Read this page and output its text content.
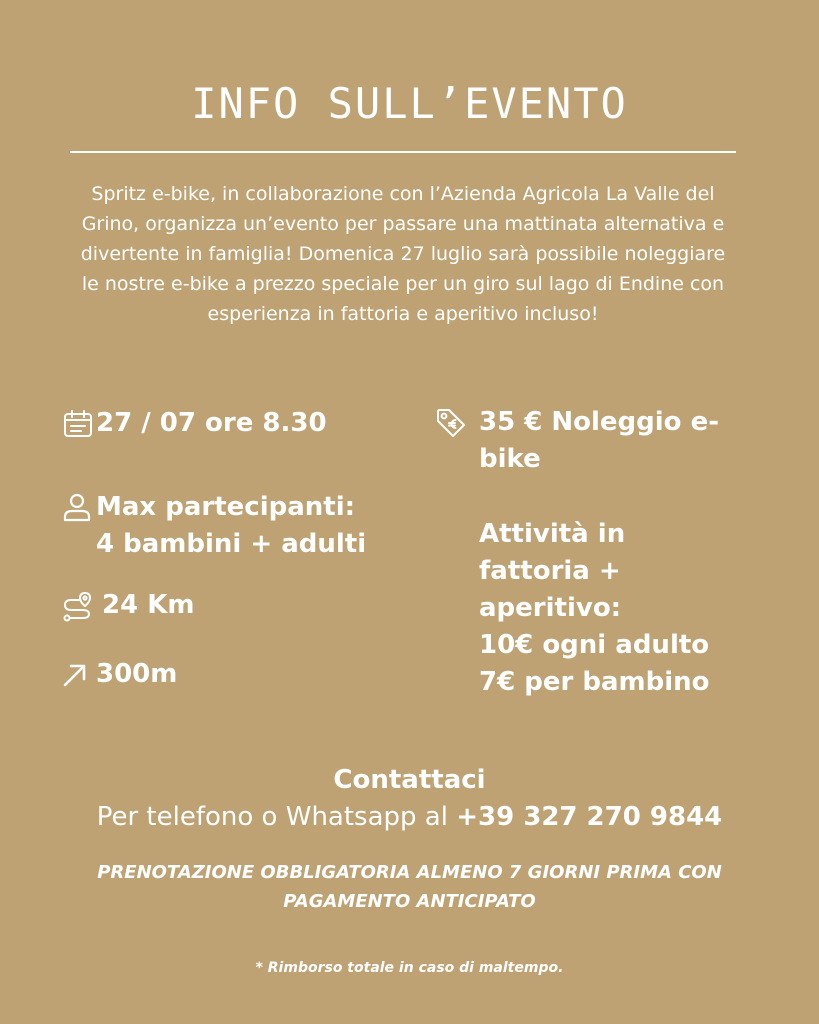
INFO SULL’EVENTO
Spritz e-bike, in collaborazione con l’Azienda Agricola La Valle del Grino, organizza un’evento per passare una mattinata alternativa e divertente in famiglia! Domenica 27 luglio sarà possibile noleggiare le nostre e-bike a prezzo speciale per un giro sul lago di Endine con esperienza in fattoria e aperitivo incluso!
27 / 07 ore 8.30
Max partecipanti:
4 bambini + adulti
24 Km
300m
35 € Noleggio e-
bike
Attività in
fattoria +
aperitivo:
10€ ogni adulto
7€ per bambino
Contattaci
Per telefono o Whatsapp al +39 327 270 9844
PRENOTAZIONE OBBLIGATORIA ALMENO 7 GIORNI PRIMA CON PAGAMENTO ANTICIPATO
* Rimborso totale in caso di maltempo.
